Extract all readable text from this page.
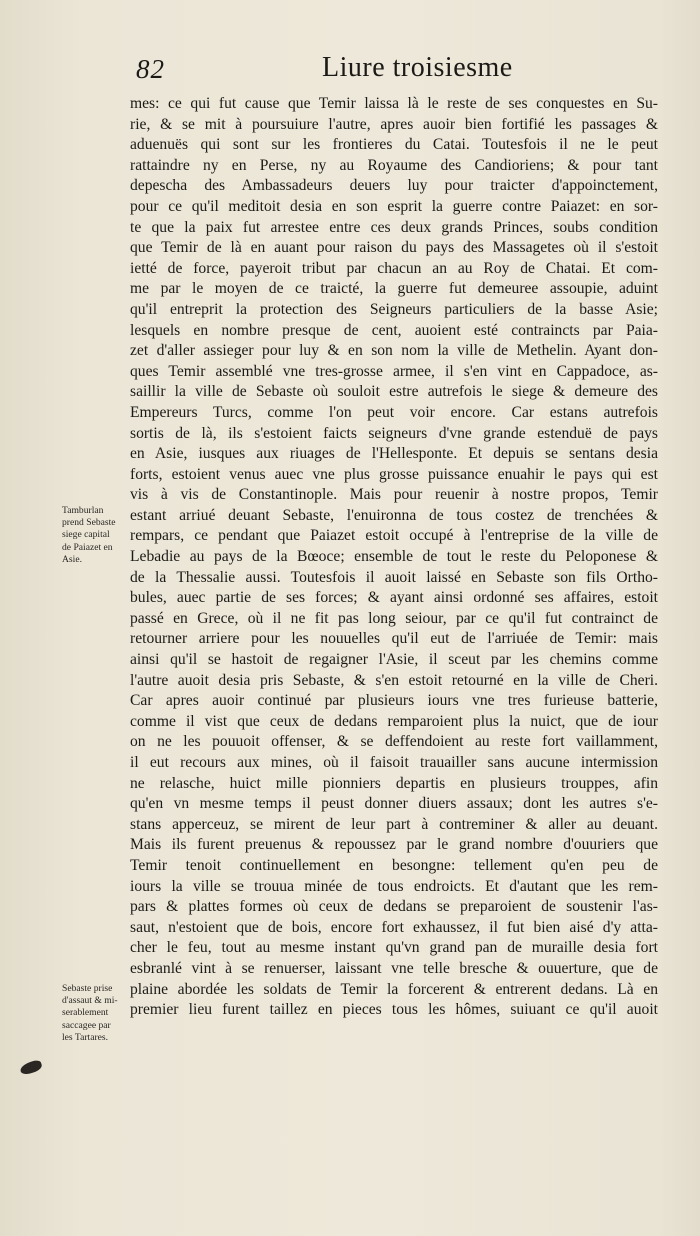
82	Liure troisiesme
mes: ce qui fut cause que Temir laissa là le reste de ses conquestes en Su-
rie, & se mit à poursuiure l'autre, apres auoir bien fortifié les passages &
aduenuës qui sont sur les frontieres du Catai. Toutesfois il ne le peut
rattaindre ny en Perse, ny au Royaume des Candioriens; & pour tant
depescha des Ambassadeurs deuers luy pour traicter d'appoinctement,
pour ce qu'il meditoit desia en son esprit la guerre contre Paiazet: en sor-
te que la paix fut arrestee entre ces deux grands Princes, soubs condition
que Temir de là en auant pour raison du pays des Massagetes où il s'estoit
ietté de force, payeroit tribut par chacun an au Roy de Chatai. Et com-
me par le moyen de ce traicté, la guerre fut demeuree assoupie, aduint
qu'il entreprit la protection des Seigneurs particuliers de la basse Asie;
lesquels en nombre presque de cent, auoient esté contraincts par Paia-
zet d'aller assieger pour luy & en son nom la ville de Methelin. Ayant don-
ques Temir assemblé vne tres-grosse armee, il s'en vint en Cappadoce, as-
saillir la ville de Sebaste où souloit estre autrefois le siege & demeure des
Empereurs Turcs, comme l'on peut voir encore. Car estans autrefois
sortis de là, ils s'estoient faicts seigneurs d'vne grande estenduë de pays
en Asie, iusques aux riuages de l'Hellesponte. Et depuis se sentans desia
forts, estoient venus auec vne plus grosse puissance enuahir le pays qui est
vis à vis de Constantinople. Mais pour reuenir à nostre propos, Temir
estant arriué deuant Sebaste, l'enuironna de tous costez de trenchées &
rempars, ce pendant que Paiazet estoit occupé à l'entreprise de la ville de
Lebadie au pays de la Bœoce; ensemble de tout le reste du Peloponese &
de la Thessalie aussi. Toutesfois il auoit laissé en Sebaste son fils Ortho-
bules, auec partie de ses forces; & ayant ainsi ordonné ses affaires, estoit
passé en Grece, où il ne fit pas long seiour, par ce qu'il fut contrainct de
retourner arriere pour les nouuelles qu'il eut de l'arriuée de Temir: mais
ainsi qu'il se hastoit de regaigner l'Asie, il sceut par les chemins comme
l'autre auoit desia pris Sebaste, & s'en estoit retourné en la ville de Cheri.
Car apres auoir continué par plusieurs iours vne tres furieuse batterie,
comme il vist que ceux de dedans remparoient plus la nuict, que de iour
on ne les pouuoit offenser, & se deffendoient au reste fort vaillamment,
il eut recours aux mines, où il faisoit trauailler sans aucune intermission
ne relasche, huict mille pionniers departis en plusieurs trouppes, afin
qu'en vn mesme temps il peust donner diuers assaux; dont les autres s'e-
stans apperceuz, se mirent de leur part à contreminer & aller au deuant.
Mais ils furent preuenus & repoussez par le grand nombre d'ouuriers que
Temir tenoit continuellement en besongne: tellement qu'en peu de
iours la ville se trouua minée de tous endroicts. Et d'autant que les rem-
pars & plattes formes où ceux de dedans se preparoient de soustenir l'as-
saut, n'estoient que de bois, encore fort exhaussez, il fut bien aisé d'y atta-
cher le feu, tout au mesme instant qu'vn grand pan de muraille desia fort
esbranlé vint à se renuerser, laissant vne telle bresche & ouuerture, que de
plaine abordée les soldats de Temir la forcerent & entrerent dedans. Là en
premier lieu furent taillez en pieces tous les hômes, suiuant ce qu'il auoit
Tamburlan
prend Sebaste
siege capital
de Paiazet en
Asie.
Sebaste prise
d'assaut & mi-
serablement
saccagee par
les Tartares.
